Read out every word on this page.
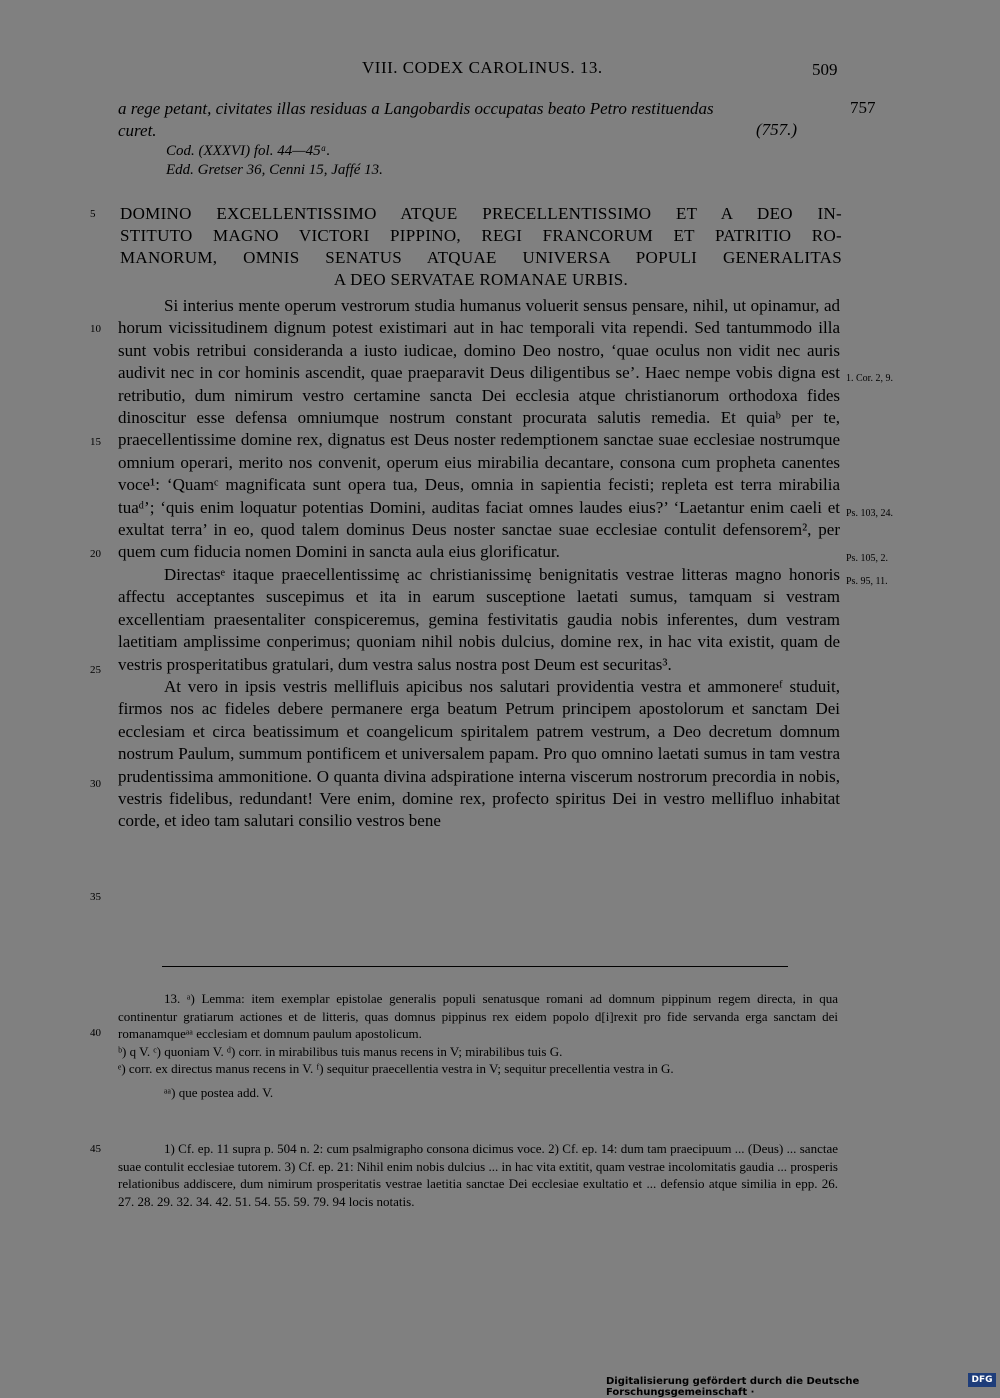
VIII. CODEX CAROLINUS. 13.	509
a rege petant, civitates illas residuas a Langobardis occupatas beato Petro restituendas
curet.
757
(757.)
Cod. (XXXVI) fol. 44—45ᵃ.
Edd. Gretser 36, Cenni 15, Jaffé 13.
DOMINO EXCELLENTISSIMO ATQUE PRECELLENTISSIMO ET A DEO IN-
STITUTO MAGNO VICTORI PIPPINO, REGI FRANCORUM ET PATRITIO RO-
MANORUM, OMNIS SENATUS ATQUAE UNIVERSA POPULI GENERALITAS
A DEO SERVATAE ROMANAE URBIS.

Si interius mente operum vestrorum studia humanus voluerit sensus pensare, nihil, ut opinamur, ad horum vicissitudinem dignum potest existimari aut in hac temporali vita rependi. Sed tantummodo illa sunt vobis retribui consideranda a iusto iudicae, domino Deo nostro, ‘quae oculus non vidit nec auris audivit nec in cor hominis ascendit, quae praeparavit Deus diligentibus se’. Haec nempe vobis digna est retributio, dum nimirum vestro certamine sancta Dei ecclesia atque christianorum orthodoxa fides dinoscitur esse defensa omniumque nostrum constant procurata salutis remedia. Et quiaᵇ per te, praecellentissime domine rex, dignatus est Deus noster redemptionem sanctae suae ecclesiae nostrumque omnium operari, merito nos convenit, operum eius mirabilia decantare, consona cum propheta canentes voce¹: ‘Quamᶜ magnificata sunt opera tua, Deus, omnia in sapientia fecisti; repleta est terra mirabilia tuaᵈ’; ‘quis enim loquatur potentias Domini, auditas faciat omnes laudes eius?’ ‘Laetantur enim caeli et exultat terra’ in eo, quod talem dominus Deus noster sanctae suae ecclesiae contulit defensorem², per quem cum fiducia nomen Domini in sancta aula eius glorificatur.

Directasᵉ itaque praecellentissimę ac christianissimę benignitatis vestrae litteras magno honoris affectu acceptantes suscepimus et ita in earum susceptione laetati sumus, tamquam si vestram excellentiam praesentaliter conspiceremus, gemina festivitatis gaudia nobis inferentes, dum vestram laetitiam amplissime conperimus; quoniam nihil nobis dulcius, domine rex, in hac vita existit, quam de vestris prosperitatibus gratulari, dum vestra salus nostra post Deum est securitas³.

At vero in ipsis vestris mellifluis apicibus nos salutari providentia vestra et ammonereᶠ studuit, firmos nos ac fideles debere permanere erga beatum Petrum principem apostolorum et sanctam Dei ecclesiam et circa beatissimum et coangelicum spiritalem patrem vestrum, a Deo decretum domnum nostrum Paulum, summum pontificem et universalem papam. Pro quo omnino laetati sumus in tam vestra prudentissima ammonitione. O quanta divina adspiratione interna viscerum nostrorum precordia in nobis, vestris fidelibus, redundant! Vere enim, domine rex, profecto spiritus Dei in vestro mellifluo inhabitat corde, et ideo tam salutari consilio vestros bene

5
10
15
20
25
30
35
40
45
1. Cor. 2, 9.
Ps. 103, 24.
Ps. 105, 2.
Ps. 95, 11.

13. ᵃ) Lemma: item exemplar epistolae generalis populi senatusque romani ad domnum pippinum regem directa, in qua continentur gratiarum actiones et de litteris, quas domnus pippinus rex eidem popolo d[i]rexit pro fide servanda erga sanctam dei romanamqueᵃᵃ ecclesiam et domnum paulum apostolicum.

ᵇ) q V. ᶜ) quoniam V. ᵈ) corr. in mirabilibus tuis manus recens in V; mirabilibus tuis G.

ᵉ) corr. ex directus manus recens in V. ᶠ) sequitur praecellentia vestra in V; sequitur precellentia vestra in G.

ᵃᵃ) que postea add. V.

1) Cf. ep. 11 supra p. 504 n. 2: cum psalmigrapho consona dicimus voce. 2) Cf. ep. 14: dum tam praecipuum ... (Deus) ... sanctae suae contulit ecclesiae tutorem. 3) Cf. ep. 21: Nihil enim nobis dulcius ... in hac vita extitit, quam vestrae incolomitatis gaudia ... prosperis relationibus addiscere, dum nimirum prosperitatis vestrae laetitia sanctae Dei ecclesiae exultatio et ... defensio atque similia in epp. 26. 27. 28. 29. 32. 34. 42. 51. 54. 55. 59. 79. 94 locis notatis.

Digitalisierung gefördert durch die Deutsche Forschungsgemeinschaft ·
DFG
